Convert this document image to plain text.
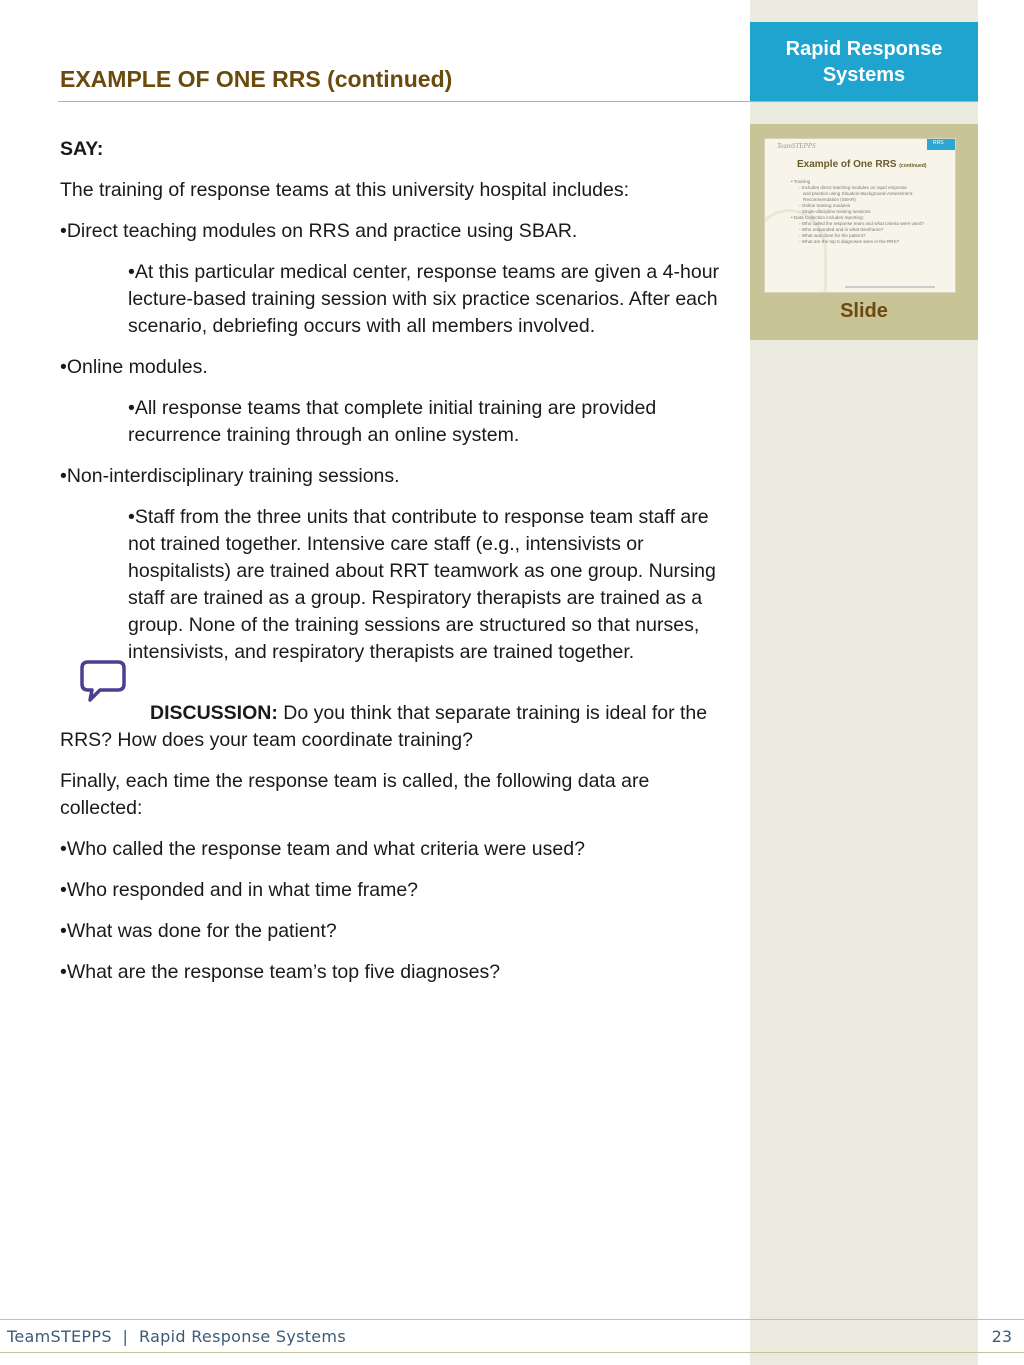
Rapid Response
Systems
RRS
TeamSTEPPS
Example of One RRS (continued)
• Training
◦ Includes direct teaching modules on rapid response
and practice using Situation-Background-Assessment-
Recommendation (SBAR)
◦ Online training modules
◦ Single-discipline training sessions
• Data Collection includes reporting:
◦ Who called the response team and what criteria were used?
◦ Who responded and in what timeframe?
◦ What was done for the patient?
◦ What are the top 5 diagnoses seen in the RRS?
Slide
EXAMPLE OF ONE RRS (continued)

SAY:

The training of response teams at this university hospital includes:

•Direct teaching modules on RRS and practice using SBAR.

•At this particular medical center, response teams are given a 4-hour lecture-based training session with six practice scenarios. After each scenario, debriefing occurs with all members involved.

•Online modules.

•All response teams that complete initial training are provided recurrence training through an online system.

•Non-interdisciplinary training sessions.

•Staff from the three units that contribute to response team staff are not trained together. Intensive care staff (e.g., intensivists or hospitalists) are trained about RRT teamwork as one group. Nursing staff are trained as a group. Respiratory therapists are trained as a group. None of the training sessions are structured so that nurses, intensivists, and respiratory therapists are trained together.

DISCUSSION: Do you think that separate training is ideal for the RRS? How does your team coordinate training?

Finally, each time the response team is called, the following data are collected:

•Who called the response team and what criteria were used?

•Who responded and in what time frame?

•What was done for the patient?

•What are the response team’s top five diagnoses?

TeamSTEPPS  |  Rapid Response Systems	23
